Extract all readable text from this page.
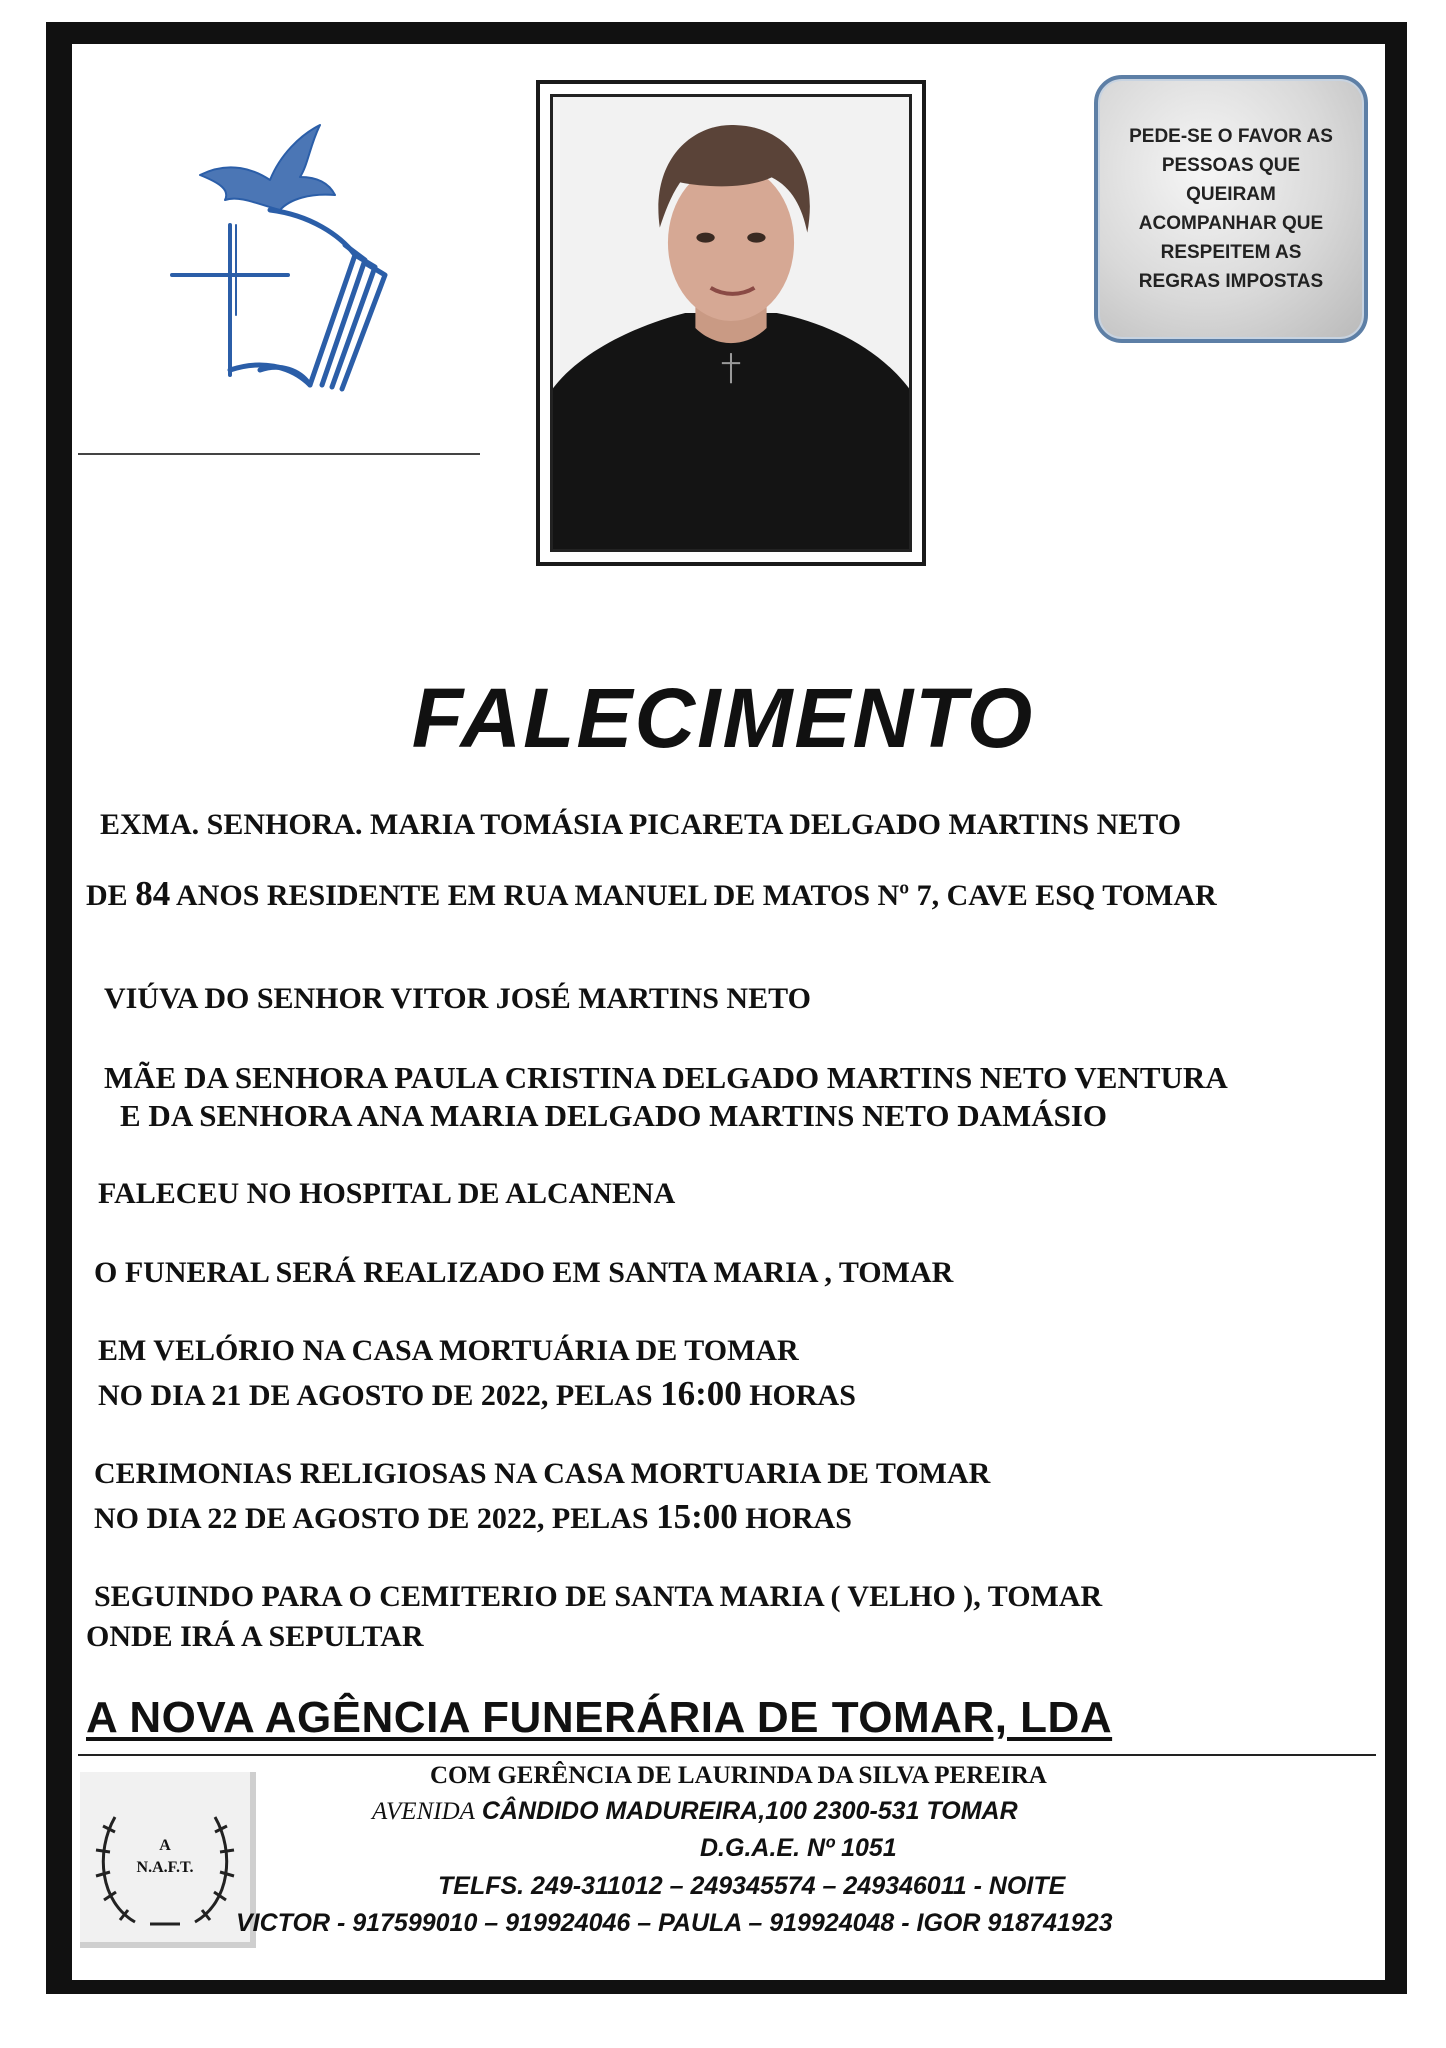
PEDE-SE O FAVOR AS
PESSOAS QUE
QUEIRAM
ACOMPANHAR QUE
RESPEITEM AS
REGRAS IMPOSTAS
FALECIMENTO

EXMA. SENHORA. MARIA TOMÁSIA PICARETA DELGADO MARTINS NETO

DE 84 ANOS RESIDENTE EM RUA MANUEL DE MATOS Nº 7, CAVE ESQ TOMAR

VIÚVA DO SENHOR VITOR JOSÉ MARTINS NETO

MÃE DA SENHORA PAULA CRISTINA DELGADO MARTINS NETO VENTURA

E DA SENHORA ANA MARIA DELGADO MARTINS NETO DAMÁSIO

FALECEU NO HOSPITAL DE ALCANENA

O FUNERAL SERÁ REALIZADO EM SANTA MARIA , TOMAR

EM VELÓRIO NA CASA MORTUÁRIA DE TOMAR

NO DIA 21 DE AGOSTO DE 2022, PELAS 16:00 HORAS

CERIMONIAS RELIGIOSAS NA CASA MORTUARIA DE TOMAR

NO DIA 22 DE AGOSTO DE 2022, PELAS 15:00 HORAS

SEGUINDO PARA O CEMITERIO DE SANTA MARIA ( VELHO ), TOMAR

ONDE IRÁ A SEPULTAR

A NOVA AGÊNCIA FUNERÁRIA DE TOMAR, LDA
A
N.A.F.T.

COM GERÊNCIA DE LAURINDA DA SILVA PEREIRA

AVENIDA CÂNDIDO MADUREIRA,100 2300-531 TOMAR

D.G.A.E. Nº 1051

TELFS. 249-311012 – 249345574 – 249346011 - NOITE

VICTOR - 917599010 – 919924046 – PAULA – 919924048 - IGOR 918741923
